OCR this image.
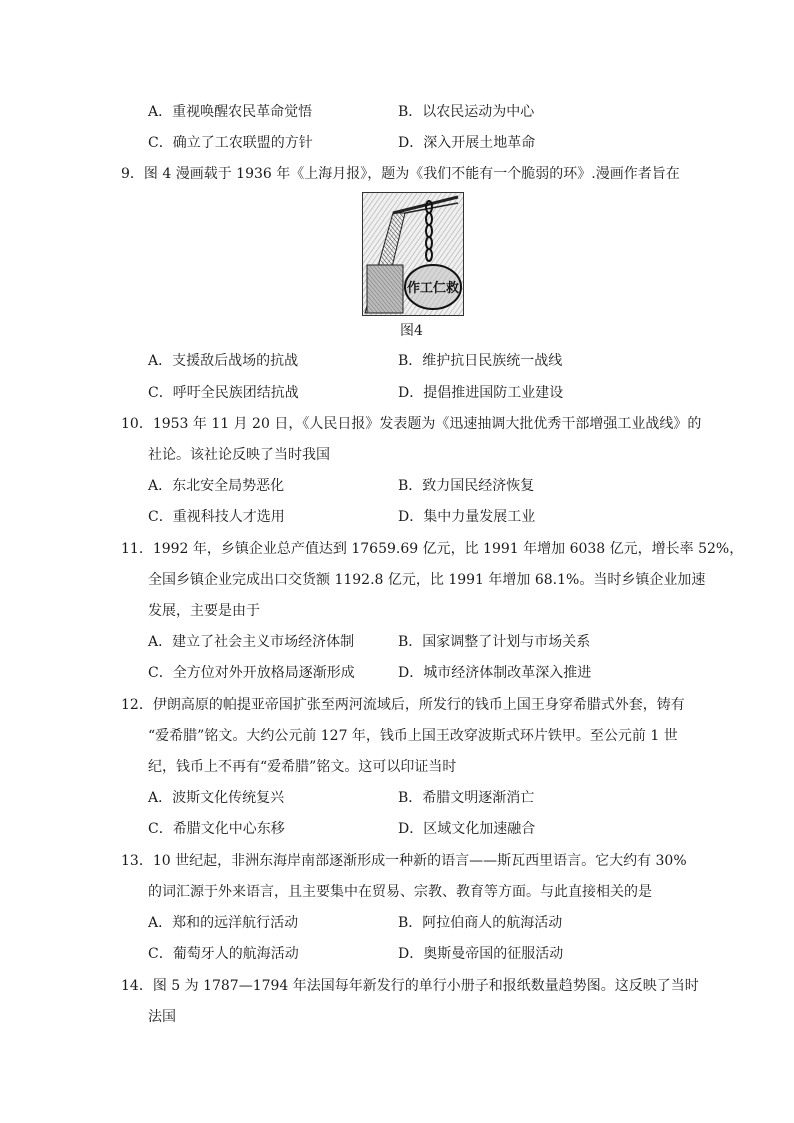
A．重视唤醒农民革命觉悟	B．以农民运动为中心
C．确立了工农联盟的方针	D．深入开展土地革命
9．图 4 漫画载于 1936 年《上海月报》，题为《我们不能有一个脆弱的环》.漫画作者旨在
作工仁救
图4
A．支援敌后战场的抗战	B．维护抗日民族统一战线
C．呼吁全民族团结抗战	D．提倡推进国防工业建设
10．1953 年 11 月 20 日，《人民日报》发表题为《迅速抽调大批优秀干部增强工业战线》的
社论。该社论反映了当时我国
A．东北安全局势恶化	B．致力国民经济恢复
C．重视科技人才选用	D．集中力量发展工业
11．1992 年，乡镇企业总产值达到 17659.69 亿元，比 1991 年增加 6038 亿元，增长率 52%，
全国乡镇企业完成出口交货额 1192.8 亿元，比 1991 年增加 68.1%。当时乡镇企业加速
发展，主要是由于
A．建立了社会主义市场经济体制	B．国家调整了计划与市场关系
C．全方位对外开放格局逐渐形成	D．城市经济体制改革深入推进
12．伊朗高原的帕提亚帝国扩张至两河流域后，所发行的钱币上国王身穿希腊式外套，铸有
“爱希腊”铭文。大约公元前 127 年，钱币上国王改穿波斯式环片铁甲。至公元前 1 世
纪，钱币上不再有“爱希腊”铭文。这可以印证当时
A．波斯文化传统复兴	B．希腊文明逐渐消亡
C．希腊文化中心东移	D．区域文化加速融合
13．10 世纪起，非洲东海岸南部逐渐形成一种新的语言——斯瓦西里语言。它大约有 30%
的词汇源于外来语言，且主要集中在贸易、宗教、教育等方面。与此直接相关的是
A．郑和的远洋航行活动	B．阿拉伯商人的航海活动
C．葡萄牙人的航海活动	D．奥斯曼帝国的征服活动
14．图 5 为 1787—1794 年法国每年新发行的单行小册子和报纸数量趋势图。这反映了当时
法国
